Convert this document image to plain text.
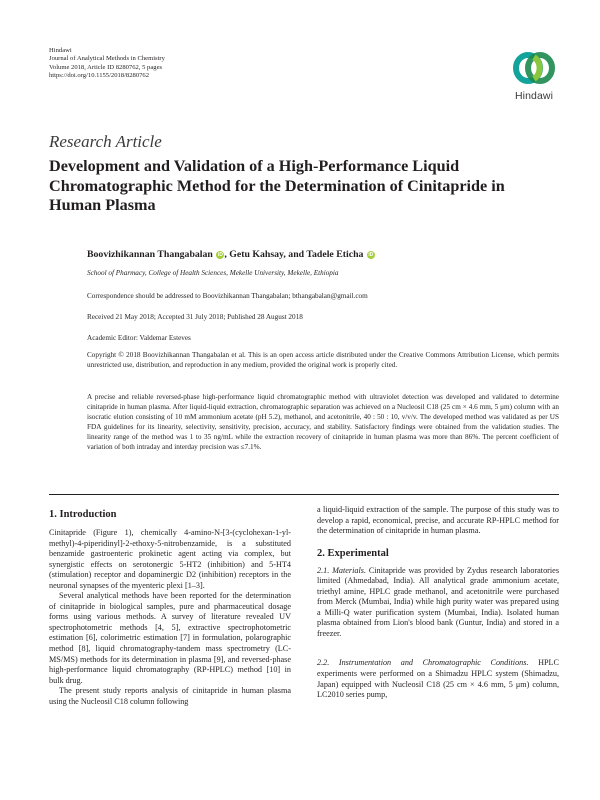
Hindawi
Journal of Analytical Methods in Chemistry
Volume 2018, Article ID 8280762, 5 pages
https://doi.org/10.1155/2018/8280762
Hindawi
Research Article
Development and Validation of a High-Performance Liquid Chromatographic Method for the Determination of Cinitapride in Human Plasma
Boovizhikannan Thangabalan iD , Getu Kahsay, and Tadele Eticha iD
School of Pharmacy, College of Health Sciences, Mekelle University, Mekelle, Ethiopia
Correspondence should be addressed to Boovizhikannan Thangabalan; bthangabalan@gmail.com
Received 21 May 2018; Accepted 31 July 2018; Published 28 August 2018
Academic Editor: Valdemar Esteves
Copyright © 2018 Boovizhikannan Thangabalan et al. This is an open access article distributed under the Creative Commons Attribution License, which permits unrestricted use, distribution, and reproduction in any medium, provided the original work is properly cited.
A precise and reliable reversed-phase high-performance liquid chromatographic method with ultraviolet detection was developed and validated to determine cinitapride in human plasma. After liquid-liquid extraction, chromatographic separation was achieved on a Nucleosil C18 (25 cm × 4.6 mm, 5 μm) column with an isocratic elution consisting of 10 mM ammonium acetate (pH 5.2), methanol, and acetonitrile, 40 : 50 : 10, v/v/v. The developed method was validated as per US FDA guidelines for its linearity, selectivity, sensitivity, precision, accuracy, and stability. Satisfactory findings were obtained from the validation studies. The linearity range of the method was 1 to 35 ng/mL while the extraction recovery of cinitapride in human plasma was more than 86%. The percent coefficient of variation of both intraday and interday precision was ≤7.1%.

1. Introduction

Cinitapride (Figure 1), chemically 4-amino-N-[3-(cyclohexan-1-yl-methyl)-4-piperidinyl]-2-ethoxy-5-nitrobenzamide, is a substituted benzamide gastroenteric prokinetic agent acting via complex, but synergistic effects on serotonergic 5-HT2 (inhibition) and 5-HT4 (stimulation) receptor and dopaminergic D2 (inhibition) receptors in the neuronal synapses of the myenteric plexi [1–3].

Several analytical methods have been reported for the determination of cinitapride in biological samples, pure and pharmaceutical dosage forms using various methods. A survey of literature revealed UV spectrophotometric methods [4, 5], extractive spectrophotometric estimation [6], colorimetric estimation [7] in formulation, polarographic method [8], liquid chromatography-tandem mass spectrometry (LC-MS/MS) methods for its determination in plasma [9], and reversed-phase high-performance liquid chromatography (RP-HPLC) method [10] in bulk drug.

The present study reports analysis of cinitapride in human plasma using the Nucleosil C18 column following

a liquid-liquid extraction of the sample. The purpose of this study was to develop a rapid, economical, precise, and accurate RP-HPLC method for the determination of cinitapride in human plasma.

2. Experimental

2.1. Materials. Cinitapride was provided by Zydus research laboratories limited (Ahmedabad, India). All analytical grade ammonium acetate, triethyl amine, HPLC grade methanol, and acetonitrile were purchased from Merck (Mumbai, India) while high purity water was prepared using a Milli-Q water purification system (Mumbai, India). Isolated human plasma obtained from Lion's blood bank (Guntur, India) and stored in a freezer.

2.2. Instrumentation and Chromatographic Conditions. HPLC experiments were performed on a Shimadzu HPLC system (Shimadzu, Japan) equipped with Nucleosil C18 (25 cm × 4.6 mm, 5 μm) column, LC2010 series pump,
